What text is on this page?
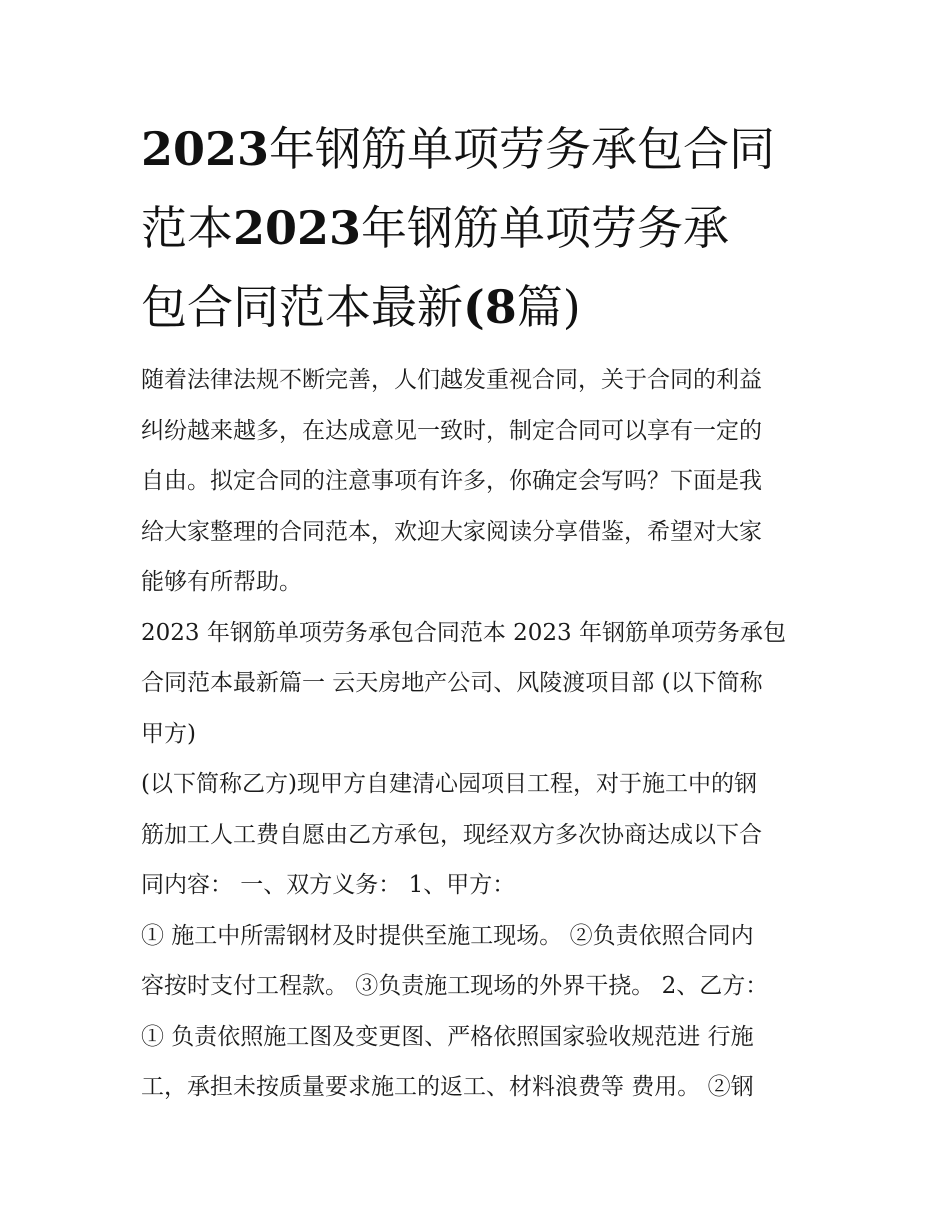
2023年钢筋单项劳务承包合同
范本2023年钢筋单项劳务承
包合同范本最新(8篇)
随着法律法规不断完善，人们越发重视合同，关于合同的利益
纠纷越来越多，在达成意见一致时，制定合同可以享有一定的
自由。拟定合同的注意事项有许多，你确定会写吗？下面是我
给大家整理的合同范本，欢迎大家阅读分享借鉴，希望对大家
能够有所帮助。
2023 年钢筋单项劳务承包合同范本 2023 年钢筋单项劳务承包
合同范本最新篇一 云天房地产公司、风陵渡项目部 (以下简称
甲方)
(以下简称乙方)现甲方自建清心园项目工程，对于施工中的钢
筋加工人工费自愿由乙方承包，现经双方多次协商达成以下合
同内容： 一、双方义务： 1、甲方：
① 施工中所需钢材及时提供至施工现场。 ②负责依照合同内
容按时支付工程款。 ③负责施工现场的外界干挠。 2、乙方：
① 负责依照施工图及变更图、严格依照国家验收规范进 行施
工，承担未按质量要求施工的返工、材料浪费等 费用。 ②钢
